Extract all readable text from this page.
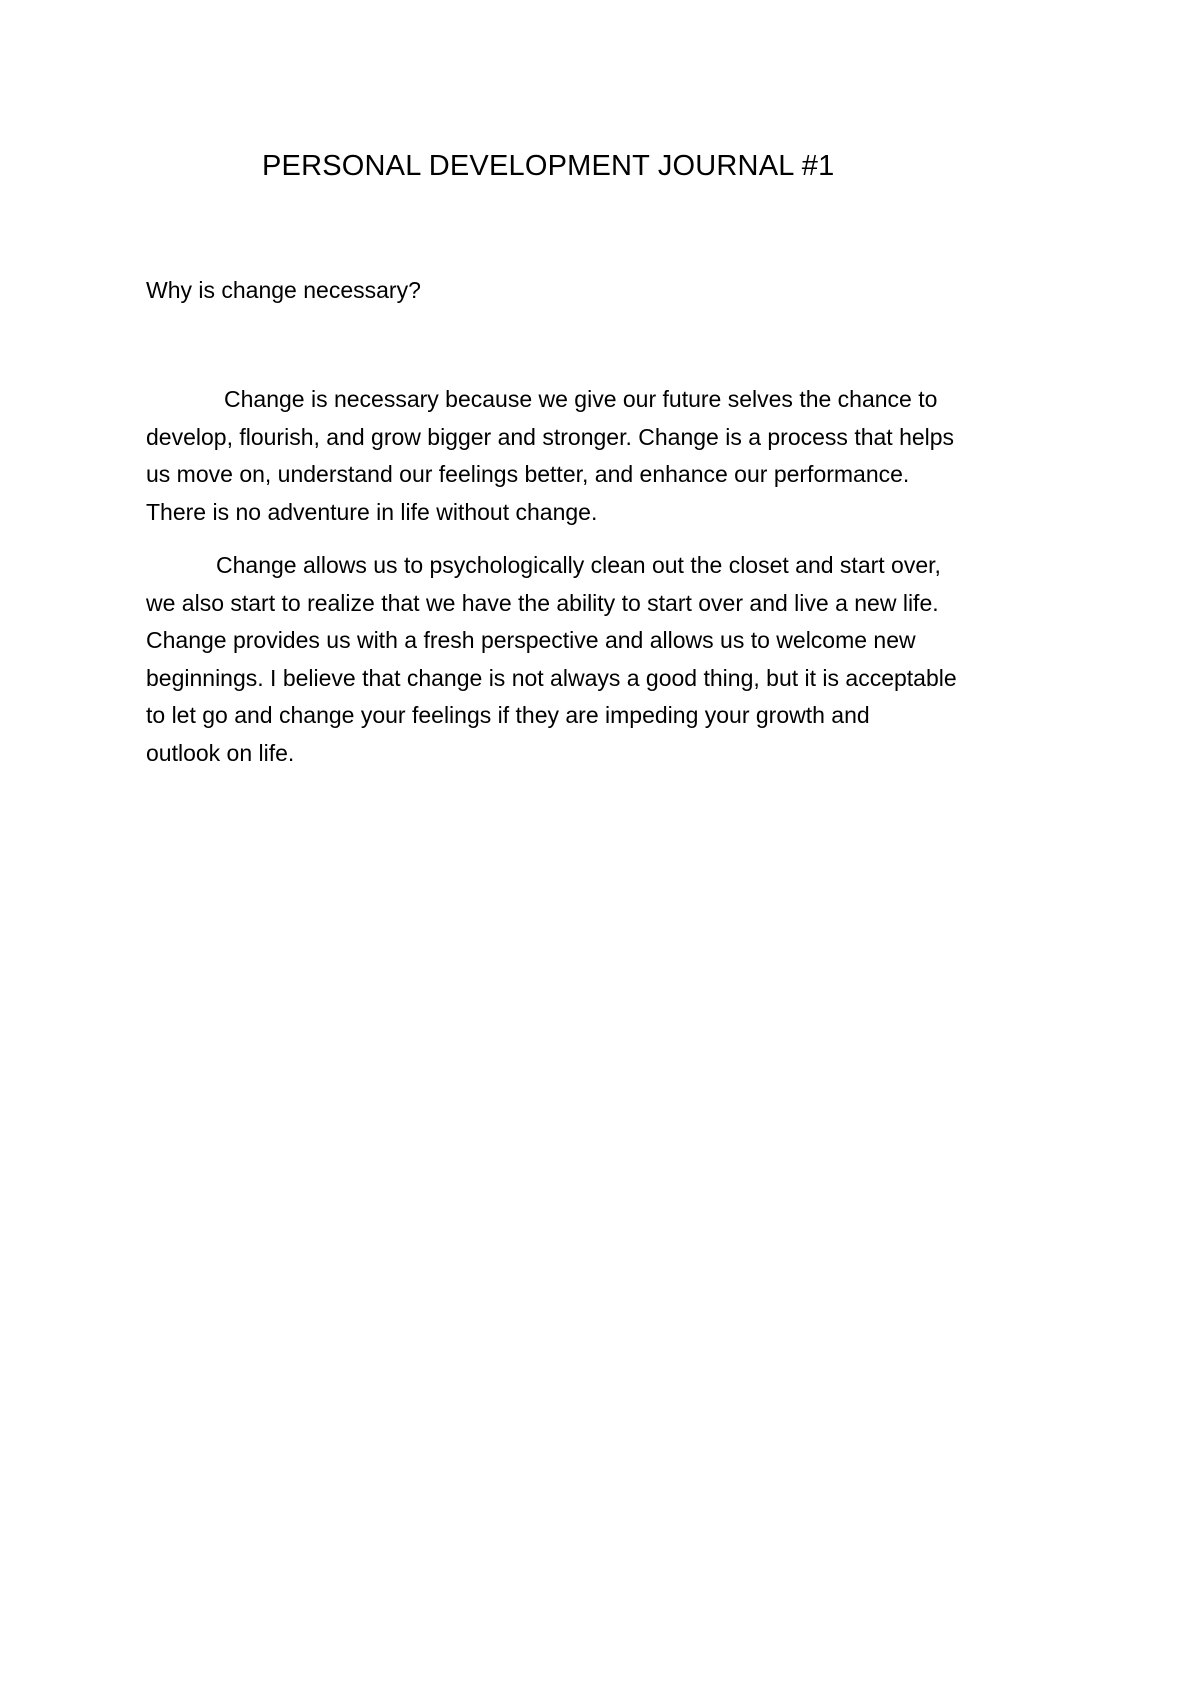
PERSONAL DEVELOPMENT JOURNAL #1

Why is change necessary?

Change is necessary because we give our future selves the chance to
develop, flourish, and grow bigger and stronger. Change is a process that helps
us move on, understand our feelings better, and enhance our performance.
There is no adventure in life without change.

Change allows us to psychologically clean out the closet and start over,
we also start to realize that we have the ability to start over and live a new life.
Change provides us with a fresh perspective and allows us to welcome new
beginnings. I believe that change is not always a good thing, but it is acceptable
to let go and change your feelings if they are impeding your growth and
outlook on life.
